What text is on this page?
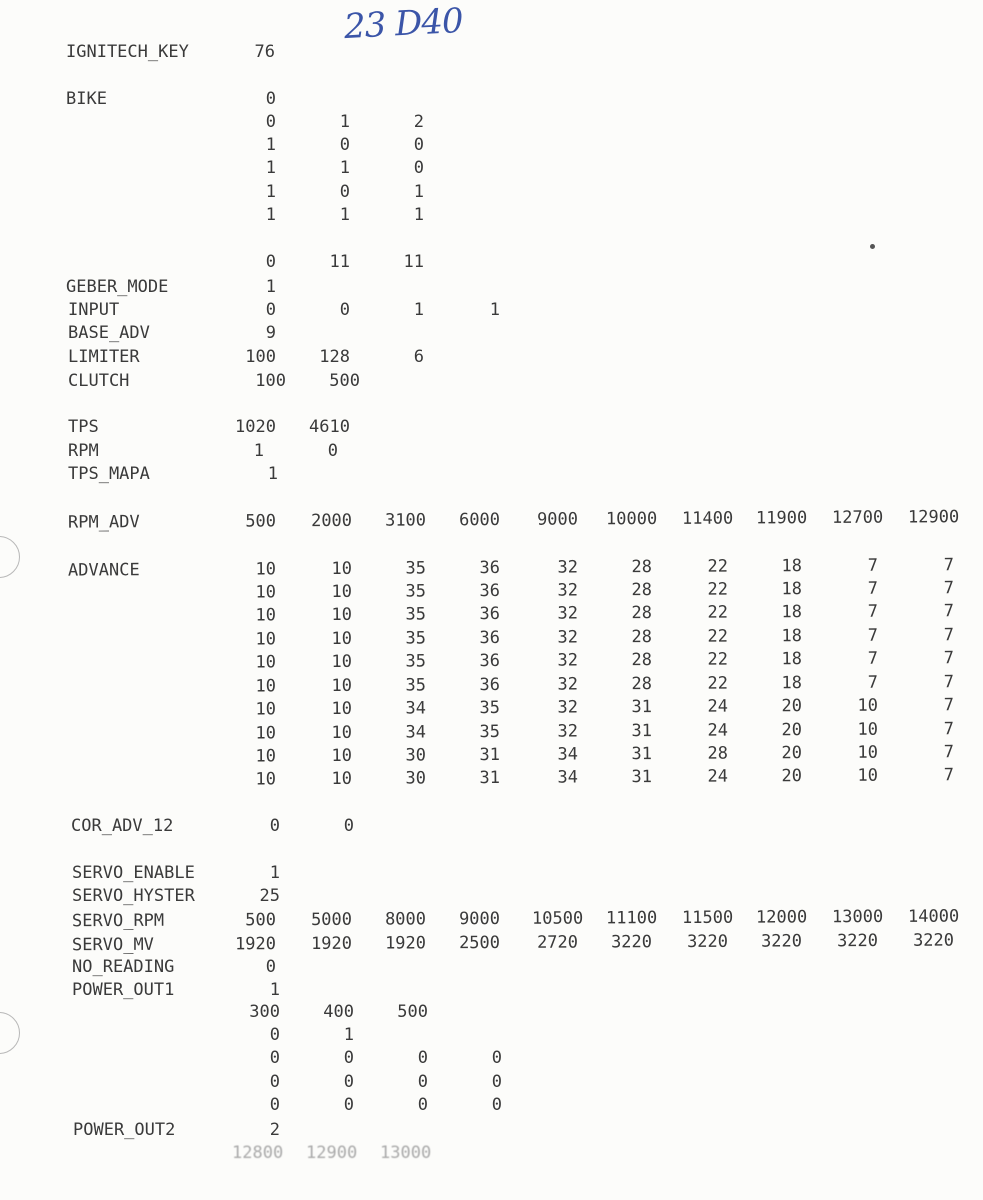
23 D40
IGNITECH_KEY	76
BIKE	0
0	1	2
1	0	0
1	1	0
1	0	1
1	1	1
0	11	11
GEBER_MODE	1
INPUT	0	0	1	1
BASE_ADV	9
LIMITER	100	128	6
CLUTCH	100	500
TPS	1020 4610
RPM	1	0
TPS_MAPA	1
RPM_ADV	500 2000 3100 6000 9000 10000 11400 11900 12700 12900
ADVANCE	10	10	35	36	32	28	22	18	7	7
10	10	35	36	32	28	22	18	7	7
10	10	35	36	32	28	22	18	7	7
10	10	35	36	32	28	22	18	7	7
10	10	35	36	32	28	22	18	7	7
10	10	35	36	32	28	22	18	7	7
10	10	34	35	32	31	24	20	10	7
10	10	34	35	32	31	24	20	10	7
10	10	30	31	34	31	28	20	10	7
10	10	30	31	34	31	24	20	10	7
COR_ADV_12	0	0
SERVO_ENABLE	1
SERVO_HYSTER	25
SERVO_RPM	500 5000 8000 9000 10500 11100 11500 12000 13000 14000
SERVO_MV	1920 1920 1920 2500 2720 3220 3220 3220 3220 3220
NO_READING	0
POWER_OUT1	1
300	400	500
0	1
0	0	0	0
0	0	0	0
0	0	0	0
POWER_OUT2	2
12800 12900 13000
